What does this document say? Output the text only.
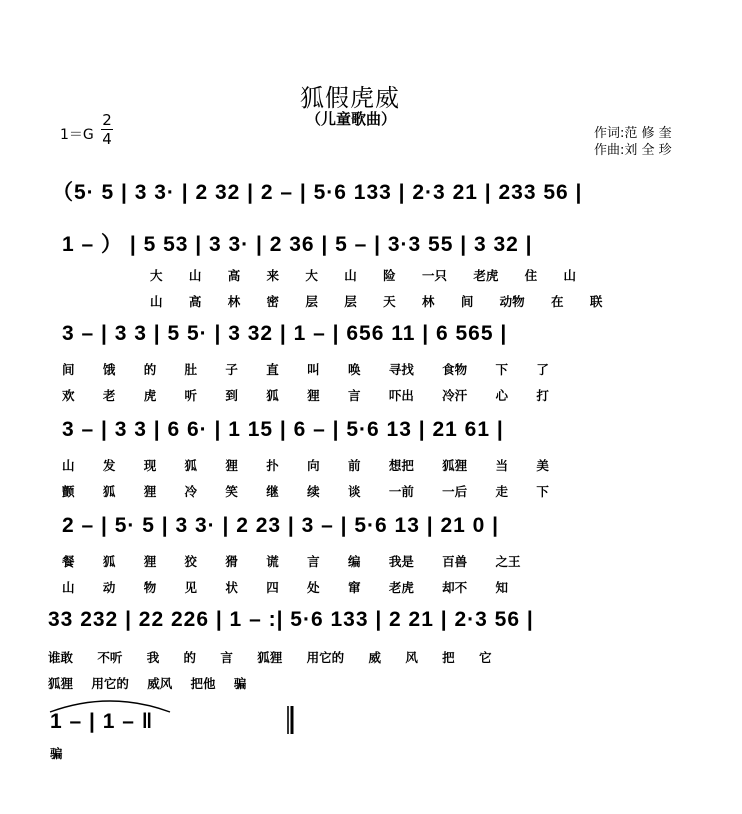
狐假虎威
（儿童歌曲）
1＝G
2
4	作词:范 修 奎
作曲:刘 全 珍
（5· 5 | 3 3· | 2 32 | 2 – | 5·6 133 | 2·3 21 | 233 56 |
1 – ） | 5 53 | 3 3· | 2 36 | 5 – | 3·3 55 | 3 32 |
大 山 高 来 大 山 险 一只 老虎 住 山
山 高 林 密 层 层 天 林 间 动物 在 联
3 – | 3 3 | 5 5· | 3 32 | 1 – | 656 11 | 6 565 |
间 饿 的 肚 子 直 叫 唤 寻找 食物 下 了
欢 老 虎 听 到 狐 狸 言 吓出 冷汗 心 打
3 – | 3 3 | 6 6· | 1 15 | 6 – | 5·6 13 | 21 61 |
山 发 现 狐 狸 扑 向 前 想把 狐狸 当 美
颤 狐 狸 冷 笑 继 续 谈 一前 一后 走 下
2 – | 5· 5 | 3 3· | 2 23 | 3 – | 5·6 13 | 21 0 |
餐 狐 狸 狡 猾 谎 言 编 我是 百兽 之王
山 动 物 见 状 四 处 窜 老虎 却不 知
33 232 | 22 226 | 1 – :| 5·6 133 | 2 21 | 2·3 56 |
谁敢 不听 我 的 言 狐狸 用它的 威 风 把 它
狐狸 用它的 威风 把他 骗
1 – | 1 – ‖
骗
